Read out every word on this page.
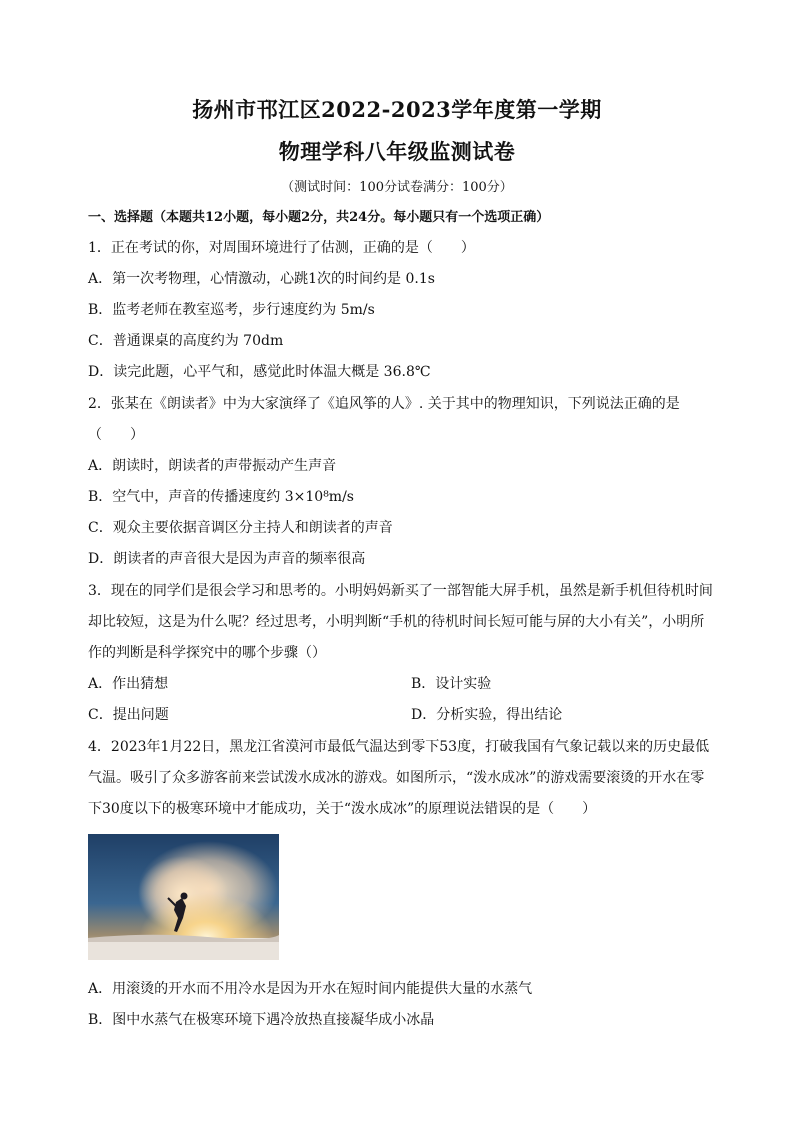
扬州市邗江区2022-2023学年度第一学期
物理学科八年级监测试卷
（测试时间：100分试卷满分：100分）
一、选择题（本题共12小题，每小题2分，共24分。每小题只有一个选项正确）
1．正在考试的你，对周围环境进行了估测，正确的是（　　）
A．第一次考物理，心情激动，心跳1次的时间约是 0.1s
B．监考老师在教室巡考，步行速度约为 5m/s
C．普通课桌的高度约为 70dm
D．读完此题，心平气和，感觉此时体温大概是 36.8℃
2．张某在《朗读者》中为大家演绎了《追风筝的人》. 关于其中的物理知识，下列说法正确的是
（　　）
A．朗读时，朗读者的声带振动产生声音
B．空气中，声音的传播速度约 3×10⁸m/s
C．观众主要依据音调区分主持人和朗读者的声音
D．朗读者的声音很大是因为声音的频率很高
3．现在的同学们是很会学习和思考的。小明妈妈新买了一部智能大屏手机，虽然是新手机但待机时间
却比较短，这是为什么呢？经过思考，小明判断“手机的待机时间长短可能与屏的大小有关”，小明所
作的判断是科学探究中的哪个步骤（）
A．作出猜想	B．设计实验
C．提出问题	D．分析实验，得出结论
4．2023年1月22日，黑龙江省漠河市最低气温达到零下53度，打破我国有气象记载以来的历史最低
气温。吸引了众多游客前来尝试泼水成冰的游戏。如图所示，“泼水成冰”的游戏需要滚烫的开水在零
下30度以下的极寒环境中才能成功，关于“泼水成冰”的原理说法错误的是（　　）
A．用滚烫的开水而不用冷水是因为开水在短时间内能提供大量的水蒸气
B．图中水蒸气在极寒环境下遇冷放热直接凝华成小冰晶
